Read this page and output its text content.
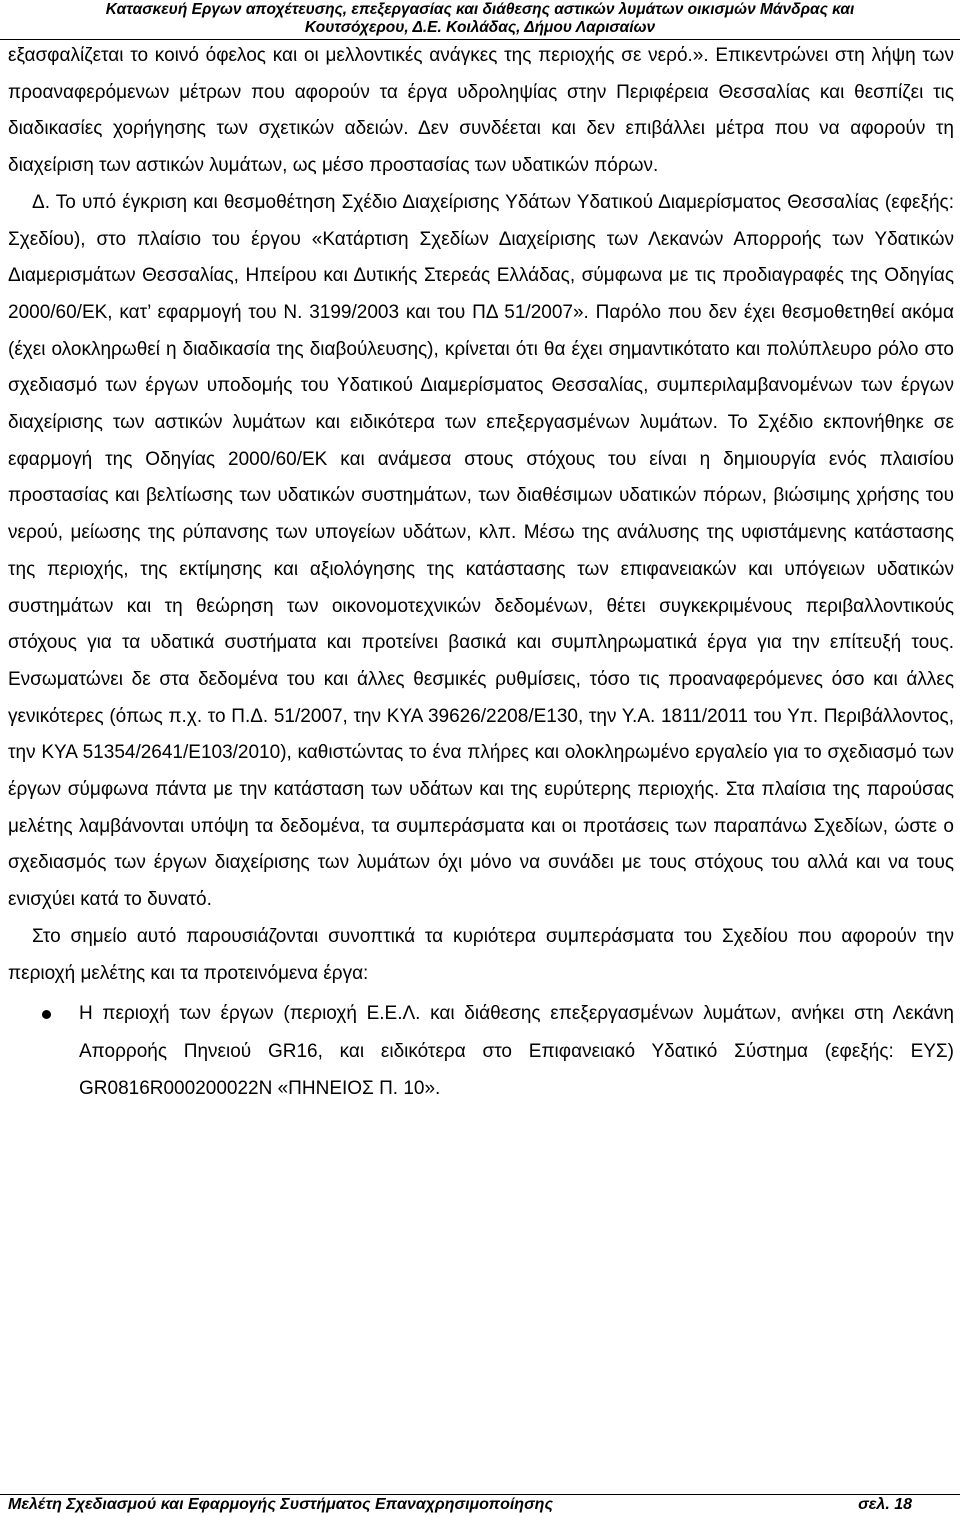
Κατασκευή Εργων αποχέτευσης, επεξεργασίας και διάθεσης αστικών λυμάτων οικισμών Μάνδρας και
Κουτσόχερου, Δ.Ε. Κοιλάδας, Δήμου Λαρισαίων

εξασφαλίζεται το κοινό όφελος και οι μελλοντικές ανάγκες της περιοχής σε νερό.». Επικεντρώνει στη λήψη των προαναφερόμενων μέτρων που αφορούν τα έργα υδροληψίας στην Περιφέρεια Θεσσαλίας και θεσπίζει τις διαδικασίες χορήγησης των σχετικών αδειών. Δεν συνδέεται και δεν επιβάλλει μέτρα που να αφορούν τη διαχείριση των αστικών λυμάτων, ως μέσο προστασίας των υδατικών πόρων.

Δ. Το υπό έγκριση και θεσμοθέτηση Σχέδιο Διαχείρισης Υδάτων Υδατικού Διαμερίσματος Θεσσαλίας (εφεξής: Σχεδίου), στο πλαίσιο του έργου «Κατάρτιση Σχεδίων Διαχείρισης των Λεκανών Απορροής των Υδατικών Διαμερισμάτων Θεσσαλίας, Ηπείρου και Δυτικής Στερεάς Ελλάδας, σύμφωνα με τις προδιαγραφές της Οδηγίας 2000/60/ΕΚ, κατ’ εφαρμογή του Ν. 3199/2003 και του ΠΔ 51/2007». Παρόλο που δεν έχει θεσμοθετηθεί ακόμα (έχει ολοκληρωθεί η διαδικασία της διαβούλευσης), κρίνεται ότι θα έχει σημαντικότατο και πολύπλευρο ρόλο στο σχεδιασμό των έργων υποδομής του Υδατικού Διαμερίσματος Θεσσαλίας, συμπεριλαμβανομένων των έργων διαχείρισης των αστικών λυμάτων και ειδικότερα των επεξεργασμένων λυμάτων. Το Σχέδιο εκπονήθηκε σε εφαρμογή της Οδηγίας 2000/60/ΕΚ και ανάμεσα στους στόχους του είναι η δημιουργία ενός πλαισίου προστασίας και βελτίωσης των υδατικών συστημάτων, των διαθέσιμων υδατικών πόρων, βιώσιμης χρήσης του νερού, μείωσης της ρύπανσης των υπογείων υδάτων, κλπ. Μέσω της ανάλυσης της υφιστάμενης κατάστασης της περιοχής, της εκτίμησης και αξιολόγησης της κατάστασης των επιφανειακών και υπόγειων υδατικών συστημάτων και τη θεώρηση των οικονομοτεχνικών δεδομένων, θέτει συγκεκριμένους περιβαλλοντικούς στόχους για τα υδατικά συστήματα και προτείνει βασικά και συμπληρωματικά έργα για την επίτευξή τους. Ενσωματώνει δε στα δεδομένα του και άλλες θεσμικές ρυθμίσεις, τόσο τις προαναφερόμενες όσο και άλλες γενικότερες (όπως π.χ. το Π.Δ. 51/2007, την ΚΥΑ 39626/2208/Ε130, την Υ.Α. 1811/2011 του Υπ. Περιβάλλοντος, την ΚΥΑ 51354/2641/Ε103/2010), καθιστώντας το ένα πλήρες και ολοκληρωμένο εργαλείο για το σχεδιασμό των έργων σύμφωνα πάντα με την κατάσταση των υδάτων και της ευρύτερης περιοχής. Στα πλαίσια της παρούσας μελέτης λαμβάνονται υπόψη τα δεδομένα, τα συμπεράσματα και οι προτάσεις των παραπάνω Σχεδίων, ώστε ο σχεδιασμός των έργων διαχείρισης των λυμάτων όχι μόνο να συνάδει με τους στόχους του αλλά και να τους ενισχύει κατά το δυνατό.

Στο σημείο αυτό παρουσιάζονται συνοπτικά τα κυριότερα συμπεράσματα του Σχεδίου που αφορούν την περιοχή μελέτης και τα προτεινόμενα έργα:

Η περιοχή των έργων (περιοχή Ε.Ε.Λ. και διάθεσης επεξεργασμένων λυμάτων, ανήκει στη Λεκάνη Απορροής Πηνειού GR16, και ειδικότερα στο Επιφανειακό Υδατικό Σύστημα (εφεξής: ΕΥΣ) GR0816R000200022Ν «ΠΗΝΕΙΟΣ Π. 10».
Μελέτη Σχεδιασμού και Εφαρμογής Συστήματος Επαναχρησιμοποίησης	σελ. 18
